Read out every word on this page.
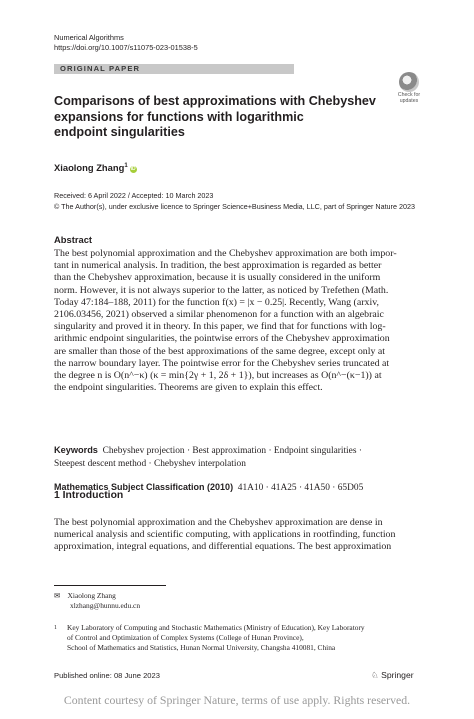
Numerical Algorithms
https://doi.org/10.1007/s11075-023-01538-5
ORIGINAL PAPER
Check for
updates
Comparisons of best approximations with Chebyshev
expansions for functions with logarithmic
endpoint singularities
Xiaolong Zhang$^1$iD
Received: 6 April 2022 / Accepted: 10 March 2023
© The Author(s), under exclusive licence to Springer Science+Business Media, LLC, part of Springer Nature 2023
Abstract
The best polynomial approximation and the Chebyshev approximation are both impor-
tant in numerical analysis. In tradition, the best approximation is regarded as better
than the Chebyshev approximation, because it is usually considered in the uniform
norm. However, it is not always superior to the latter, as noticed by Trefethen (Math.
Today 47:184–188, 2011) for the function f(x) = |x − 0.25|. Recently, Wang (arxiv,
2106.03456, 2021) observed a similar phenomenon for a function with an algebraic
singularity and proved it in theory. In this paper, we find that for functions with log-
arithmic endpoint singularities, the pointwise errors of the Chebyshev approximation
are smaller than those of the best approximations of the same degree, except only at
the narrow boundary layer. The pointwise error for the Chebyshev series truncated at
the degree n is O(n^−κ) (κ = min{2γ + 1, 2δ + 1}), but increases as O(n^−(κ−1)) at
the endpoint singularities. Theorems are given to explain this effect.
Keywords Chebyshev projection · Best approximation · Endpoint singularities ·
Steepest descent method · Chebyshev interpolation
Mathematics Subject Classification (2010) 41A10 · 41A25 · 41A50 · 65D05
1 Introduction
The best polynomial approximation and the Chebyshev approximation are dense in
numerical analysis and scientific computing, with applications in rootfinding, function
approximation, integral equations, and differential equations. The best approximation
✉ Xiaolong Zhang
xlzhang@hunnu.edu.cn
1 Key Laboratory of Computing and Stochastic Mathematics (Ministry of Education), Key Laboratory
of Control and Optimization of Complex Systems (College of Hunan Province),
School of Mathematics and Statistics, Hunan Normal University, Changsha 410081, China
Published online: 08 June 2023	♘ Springer
Content courtesy of Springer Nature, terms of use apply. Rights reserved.
